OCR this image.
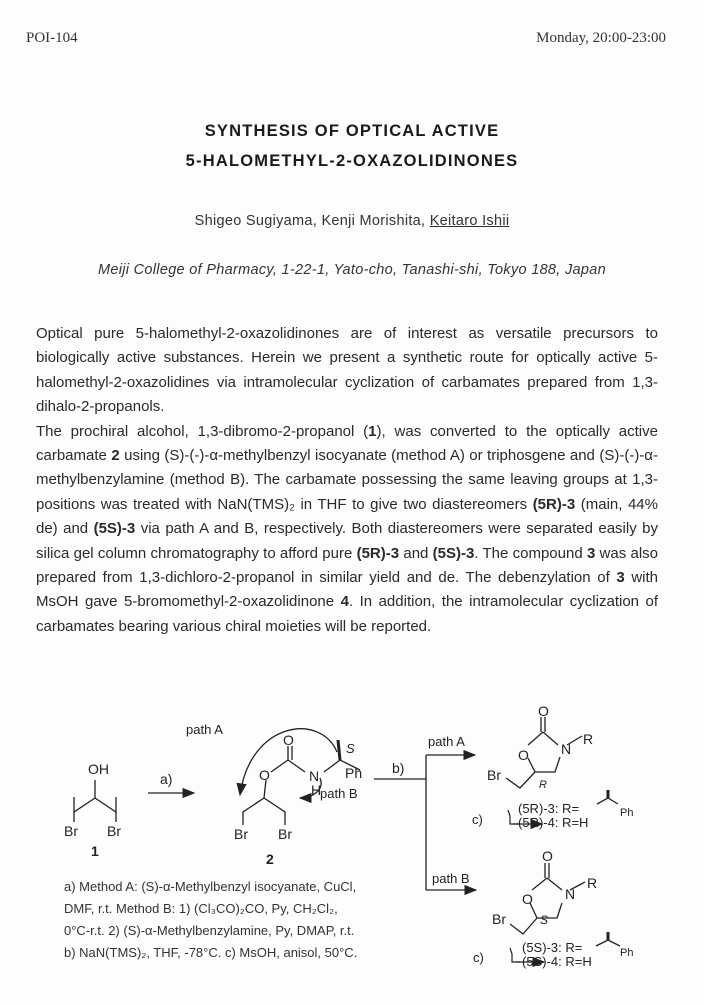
POI-104	Monday, 20:00-23:00
SYNTHESIS OF OPTICAL ACTIVE
5-HALOMETHYL-2-OXAZOLIDINONES
Shigeo Sugiyama, Kenji Morishita, Keitaro Ishii
Meiji College of Pharmacy, 1-22-1, Yato-cho, Tanashi-shi, Tokyo 188, Japan

Optical pure 5-halomethyl-2-oxazolidinones are of interest as versatile precursors to biologically active substances. Herein we present a synthetic route for optically active 5-halomethyl-2-oxazolidines via intramolecular cyclization of carbamates prepared from 1,3-dihalo-2-propanols.

The prochiral alcohol, 1,3-dibromo-2-propanol (1), was converted to the optically active carbamate 2 using (S)-(-)-α-methylbenzyl isocyanate (method A) or triphosgene and (S)-(-)-α-methylbenzylamine (method B). The carbamate possessing the same leaving groups at 1,3-positions was treated with NaN(TMS)₂ in THF to give two diastereomers (5R)-3 (main, 44% de) and (5S)-3 via path A and B, respectively. Both diastereomers were separated easily by silica gel column chromatography to afford pure (5R)-3 and (5S)-3. The compound 3 was also prepared from 1,3-dichloro-2-propanol in similar yield and de. The debenzylation of 3 with MsOH gave 5-bromomethyl-2-oxazolidinone 4. In addition, the intramolecular cyclization of carbamates bearing various chiral moieties will be reported.

OH
Br Br
1
a)
path A
O
O
N
H
S
Ph
path B
Br Br
2
b)
path A
O
O N
R
Br
R
(5R)-3: R=	Ph
c)	(5R)-4: R=H
path B
O
O N
R
Br	S
(5S)-3: R=	Ph
c)	(5S)-4: R=H
a) Method A: (S)-α-Methylbenzyl isocyanate, CuCl,
DMF, r.t. Method B: 1) (Cl₃CO)₂CO, Py, CH₂Cl₂,
0°C-r.t. 2) (S)-α-Methylbenzylamine, Py, DMAP, r.t.
b) NaN(TMS)₂, THF, -78°C. c) MsOH, anisol, 50°C.
